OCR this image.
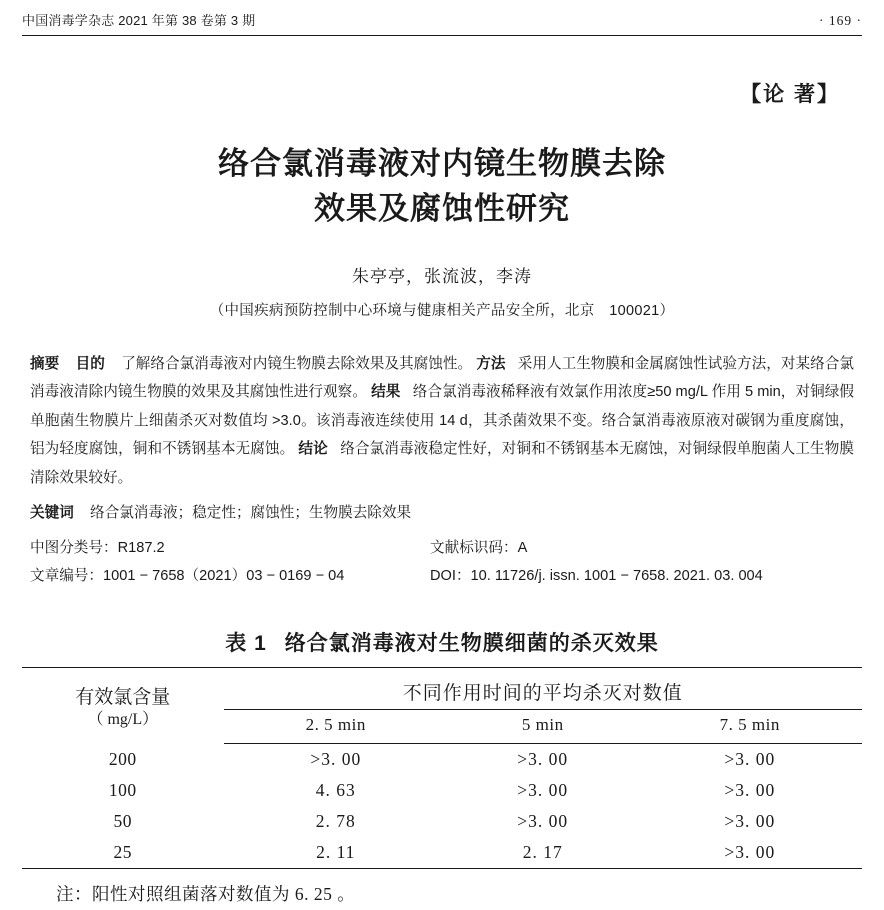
中国消毒学杂志 2021 年第 38 卷第 3 期	· 169 ·
【论 著】
络合氯消毒液对内镜生物膜去除
效果及腐蚀性研究
朱亭亭，张流波，李涛
（中国疾病预防控制中心环境与健康相关产品安全所，北京　100021）
摘要 目的 了解络合氯消毒液对内镜生物膜去除效果及其腐蚀性。 方法 采用人工生物膜和金属腐蚀性试验方法，对某络合氯消毒液清除内镜生物膜的效果及其腐蚀性进行观察。 结果 络合氯消毒液稀释液有效氯作用浓度≥50 mg/L 作用 5 min，对铜绿假单胞菌生物膜片上细菌杀灭对数值均 >3.0。该消毒液连续使用 14 d，其杀菌效果不变。络合氯消毒液原液对碳钢为重度腐蚀，铝为轻度腐蚀，铜和不锈钢基本无腐蚀。 结论 络合氯消毒液稳定性好，对铜和不锈钢基本无腐蚀，对铜绿假单胞菌人工生物膜清除效果较好。
关键词 络合氯消毒液；稳定性；腐蚀性；生物膜去除效果
中图分类号：R187.2	文献标识码：A
文章编号：1001 − 7658（2021）03 − 0169 − 04	DOI：10. 11726/j. issn. 1001 − 7658. 2021. 03. 004
表 1 络合氯消毒液对生物膜细菌的杀灭效果
有效氯含量
（ mg/L）	不同作用时间的平均杀灭对数值		
	2. 5 min	5 min	7. 5 min
200	>3. 00	>3. 00	>3. 00
100	4. 63	>3. 00	>3. 00
50	2. 78	>3. 00	>3. 00
25	2. 11	2. 17	>3. 00
注：阳性对照组菌落对数值为 6. 25 。
